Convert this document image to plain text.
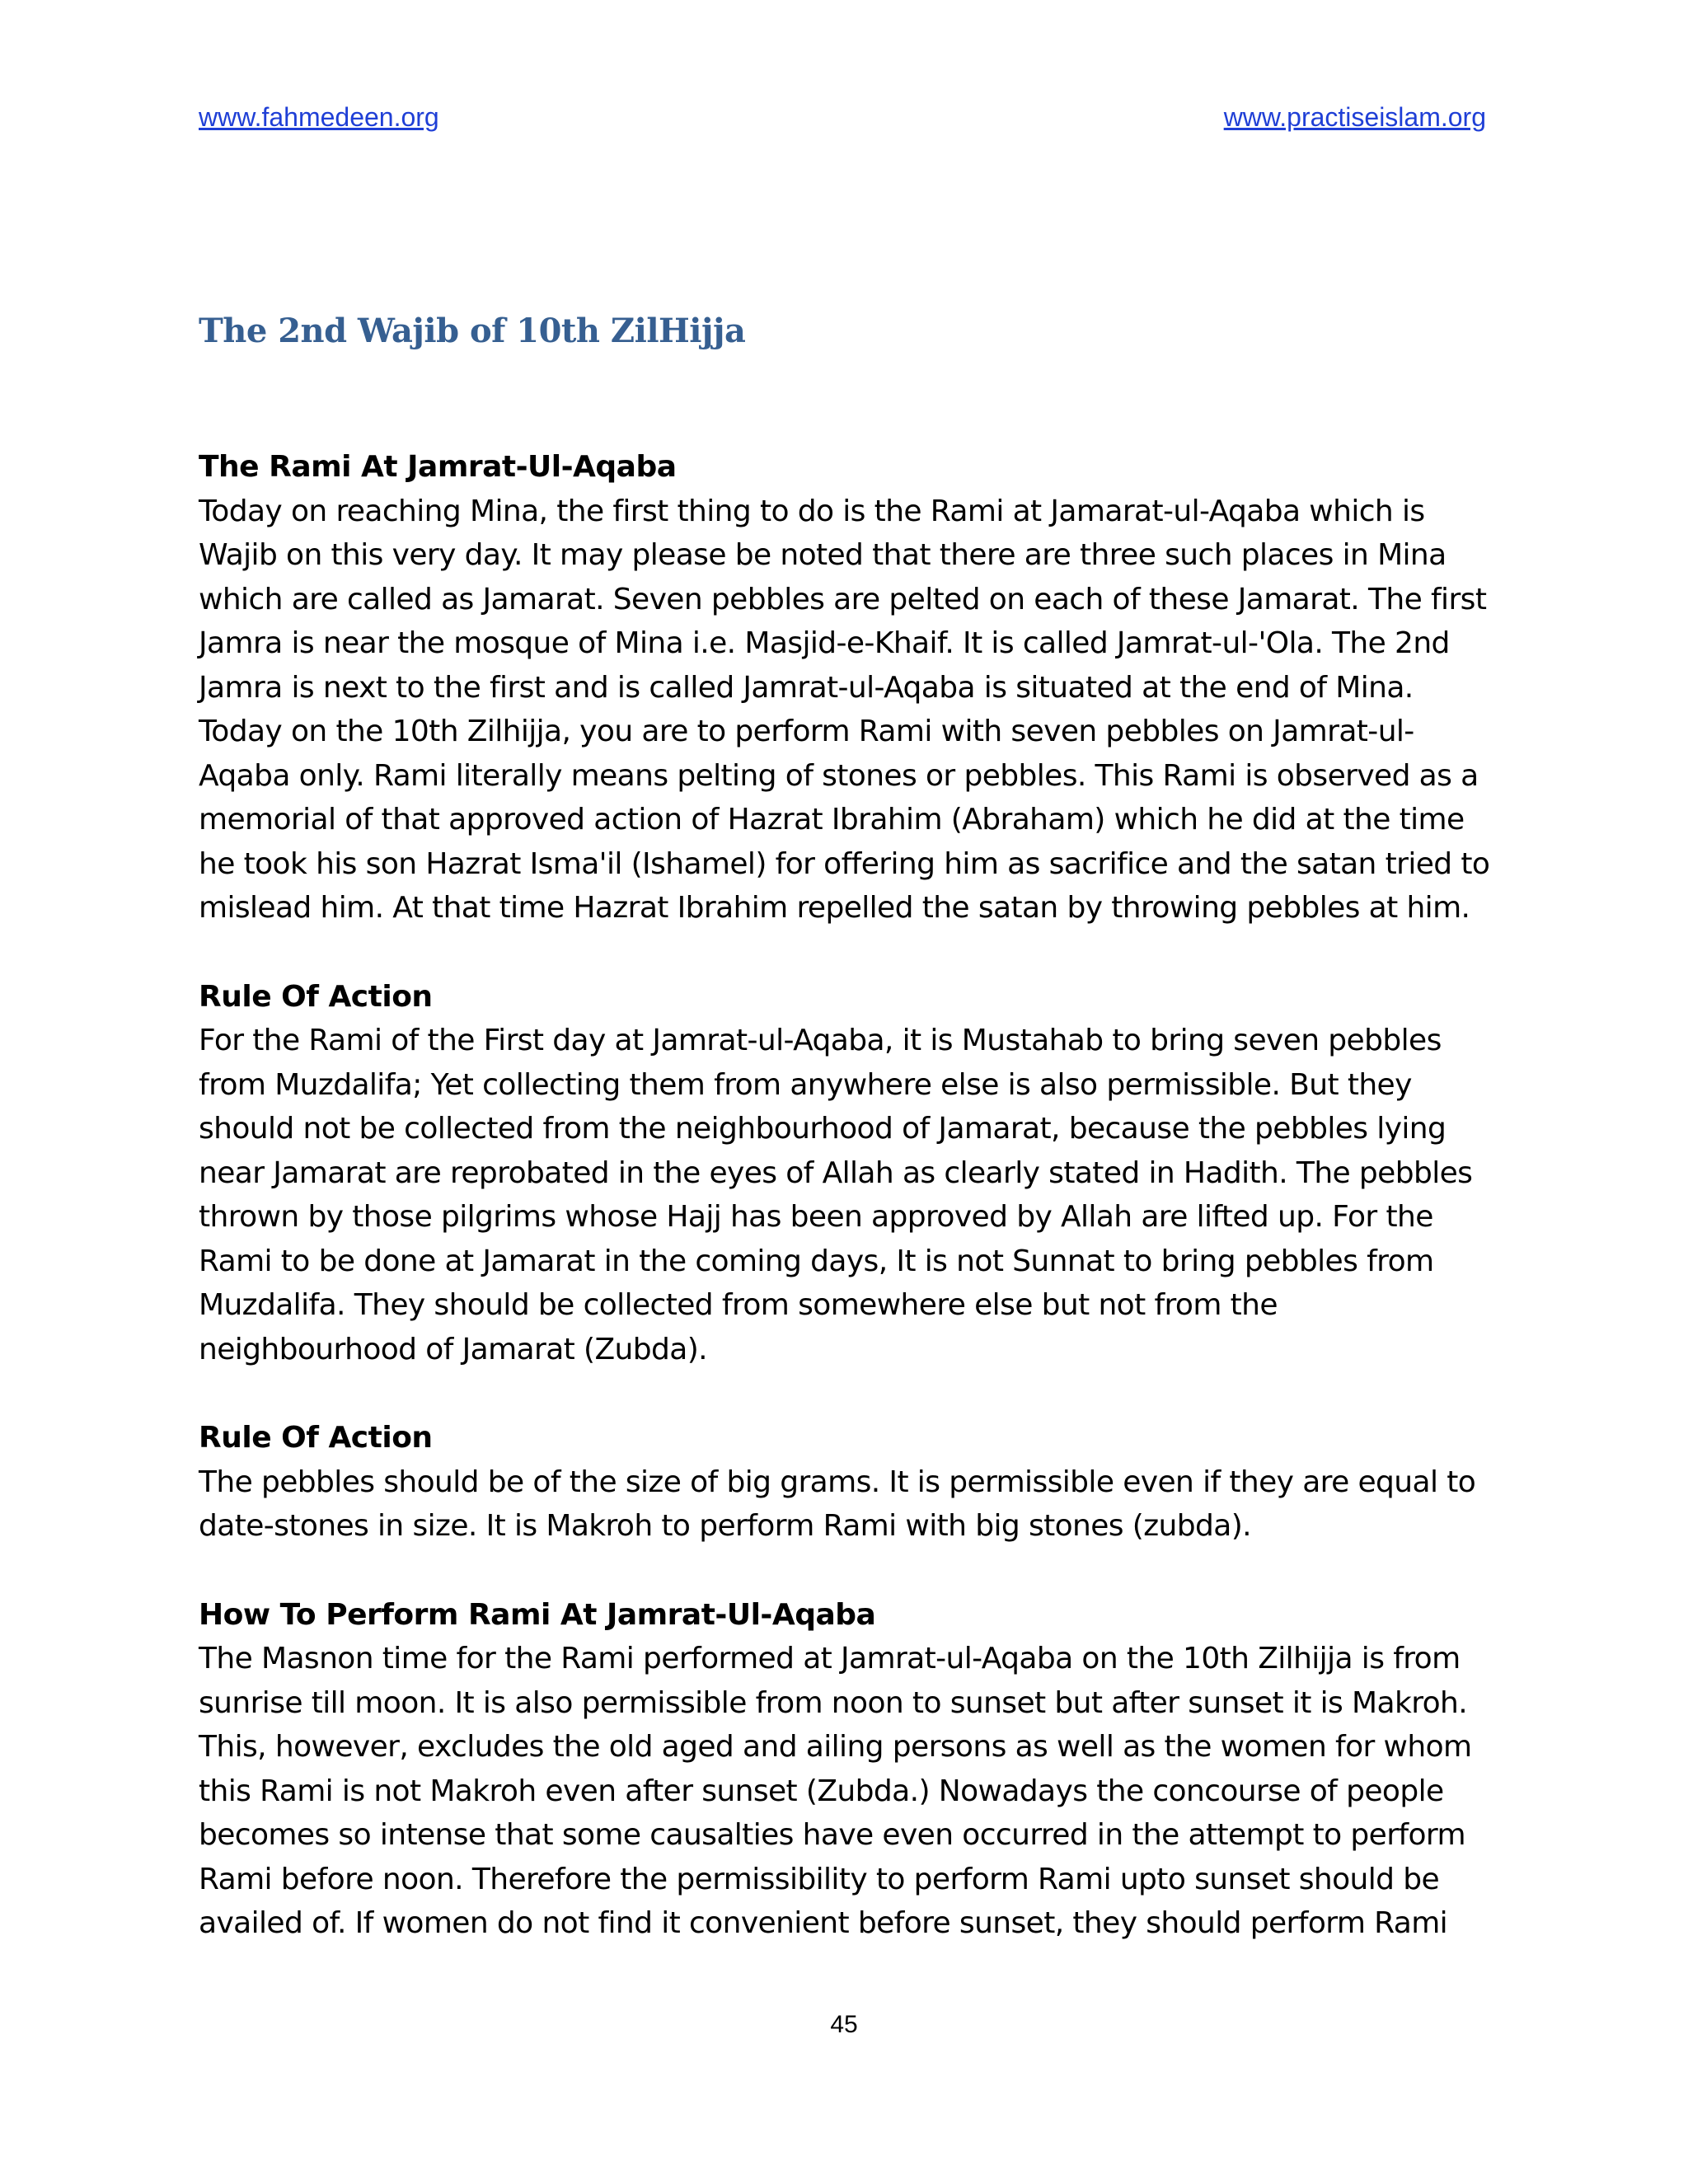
www.fahmedeen.org	www.practiseislam.org
The 2nd Wajib of 10th ZilHijja
The Rami At Jamrat-Ul-Aqaba

Today on reaching Mina, the first thing to do is the Rami at Jamarat-ul-Aqaba which is Wajib on this very day. It may please be noted that there are three such places in Mina which are called as Jamarat. Seven pebbles are pelted on each of these Jamarat. The first Jamra is near the mosque of Mina i.e. Masjid-e-Khaif. It is called Jamrat-ul-'Ola. The 2nd Jamra is next to the first and is called Jamrat-ul-Aqaba is situated at the end of Mina. Today on the 10th Zilhijja, you are to perform Rami with seven pebbles on Jamrat-ul-Aqaba only. Rami literally means pelting of stones or pebbles. This Rami is observed as a memorial of that approved action of Hazrat Ibrahim (Abraham) which he did at the time he took his son Hazrat Isma'il (Ishamel) for offering him as sacrifice and the satan tried to mislead him. At that time Hazrat Ibrahim repelled the satan by throwing pebbles at him.

Rule Of Action

For the Rami of the First day at Jamrat-ul-Aqaba, it is Mustahab to bring seven pebbles from Muzdalifa; Yet collecting them from anywhere else is also permissible. But they should not be collected from the neighbourhood of Jamarat, because the pebbles lying near Jamarat are reprobated in the eyes of Allah as clearly stated in Hadith. The pebbles thrown by those pilgrims whose Hajj has been approved by Allah are lifted up. For the Rami to be done at Jamarat in the coming days, It is not Sunnat to bring pebbles from Muzdalifa. They should be collected from somewhere else but not from the neighbourhood of Jamarat (Zubda).

Rule Of Action

The pebbles should be of the size of big grams. It is permissible even if they are equal to date-stones in size. It is Makroh to perform Rami with big stones (zubda).

How To Perform Rami At Jamrat-Ul-Aqaba

The Masnon time for the Rami performed at Jamrat-ul-Aqaba on the 10th Zilhijja is from sunrise till moon. It is also permissible from noon to sunset but after sunset it is Makroh. This, however, excludes the old aged and ailing persons as well as the women for whom this Rami is not Makroh even after sunset (Zubda.) Nowadays the concourse of people becomes so intense that some causalties have even occurred in the attempt to perform Rami before noon. Therefore the permissibility to perform Rami upto sunset should be availed of. If women do not find it convenient before sunset, they should perform Rami

45
